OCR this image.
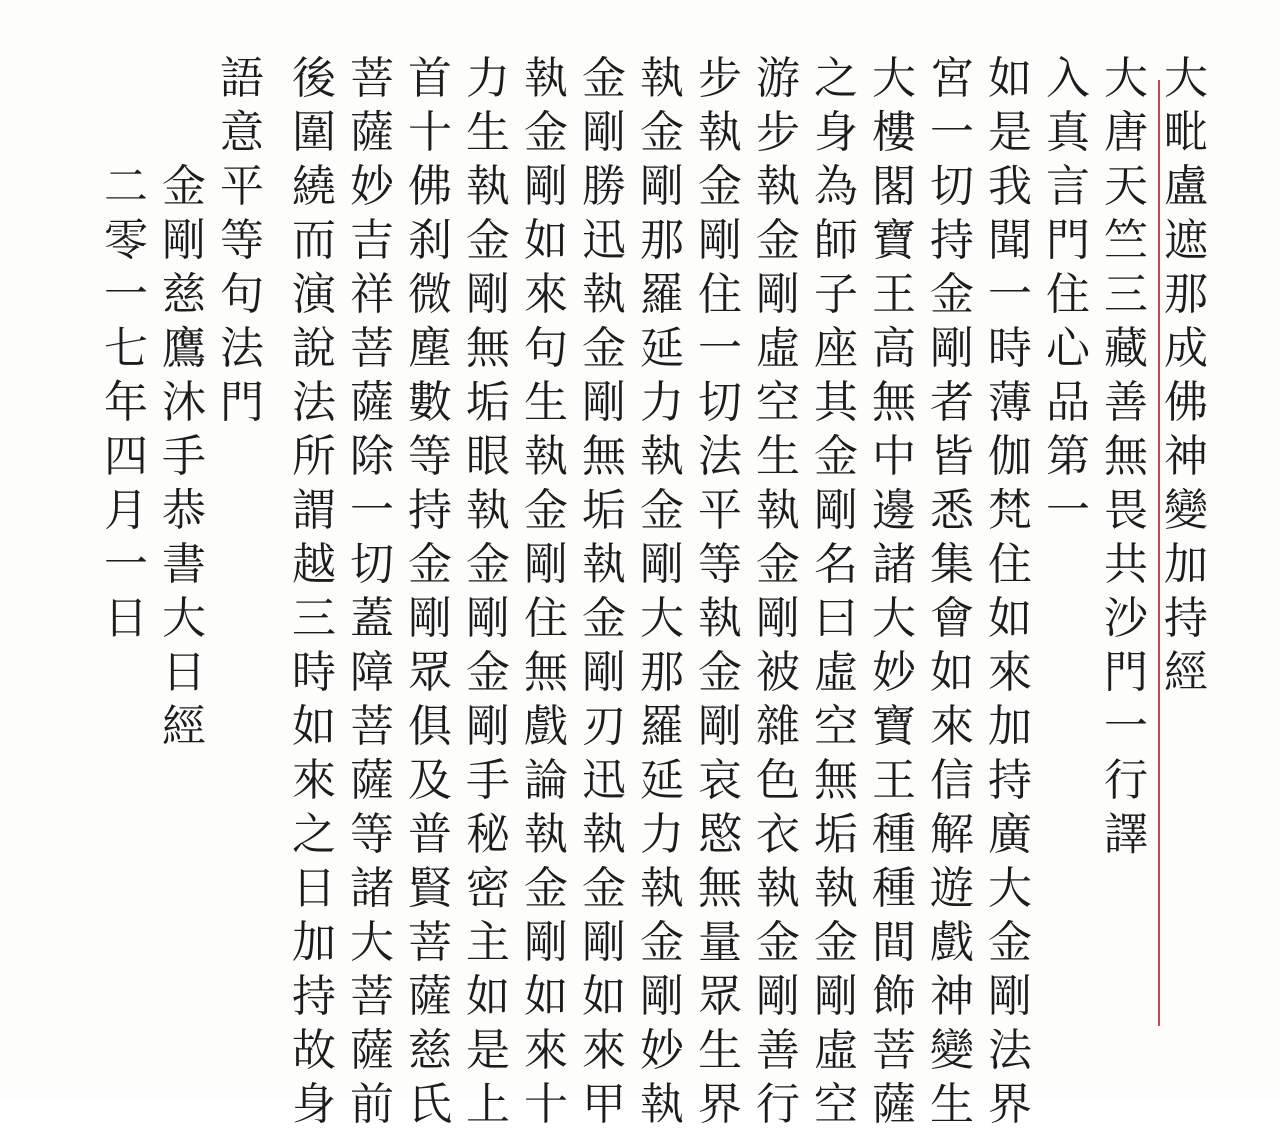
大
毗
盧
遮
那
成
佛
神
變
加
持
經
大
唐
天
竺
三
藏
善
無
畏
共
沙
門
一
行
譯
入
真
言
門
住
心
品
第
一
如
是
我
聞
一
時
薄
伽
梵
住
如
來
加
持
廣
大
金
剛
法
界
宮
一
切
持
金
剛
者
皆
悉
集
會
如
來
信
解
遊
戲
神
變
生
大
樓
閣
寶
王
高
無
中
邊
諸
大
妙
寶
王
種
種
間
飾
菩
薩
之
身
為
師
子
座
其
金
剛
名
曰
虛
空
無
垢
執
金
剛
虛
空
游
步
執
金
剛
虛
空
生
執
金
剛
被
雜
色
衣
執
金
剛
善
行
步
執
金
剛
住
一
切
法
平
等
執
金
剛
哀
愍
無
量
眾
生
界
執
金
剛
那
羅
延
力
執
金
剛
大
那
羅
延
力
執
金
剛
妙
執
金
剛
勝
迅
執
金
剛
無
垢
執
金
剛
刃
迅
執
金
剛
如
來
甲
執
金
剛
如
來
句
生
執
金
剛
住
無
戲
論
執
金
剛
如
來
十
力
生
執
金
剛
無
垢
眼
執
金
剛
金
剛
手
秘
密
主
如
是
上
首
十
佛
刹
微
塵
數
等
持
金
剛
眾
俱
及
普
賢
菩
薩
慈
氏
菩
薩
妙
吉
祥
菩
薩
除
一
切
蓋
障
菩
薩
等
諸
大
菩
薩
前
後
圍
繞
而
演
說
法
所
謂
越
三
時
如
來
之
日
加
持
故
身
語
意
平
等
句
法
門
金
剛
慈
鷹
沐
手
恭
書
大
日
經
二
零
一
七
年
四
月
一
日
